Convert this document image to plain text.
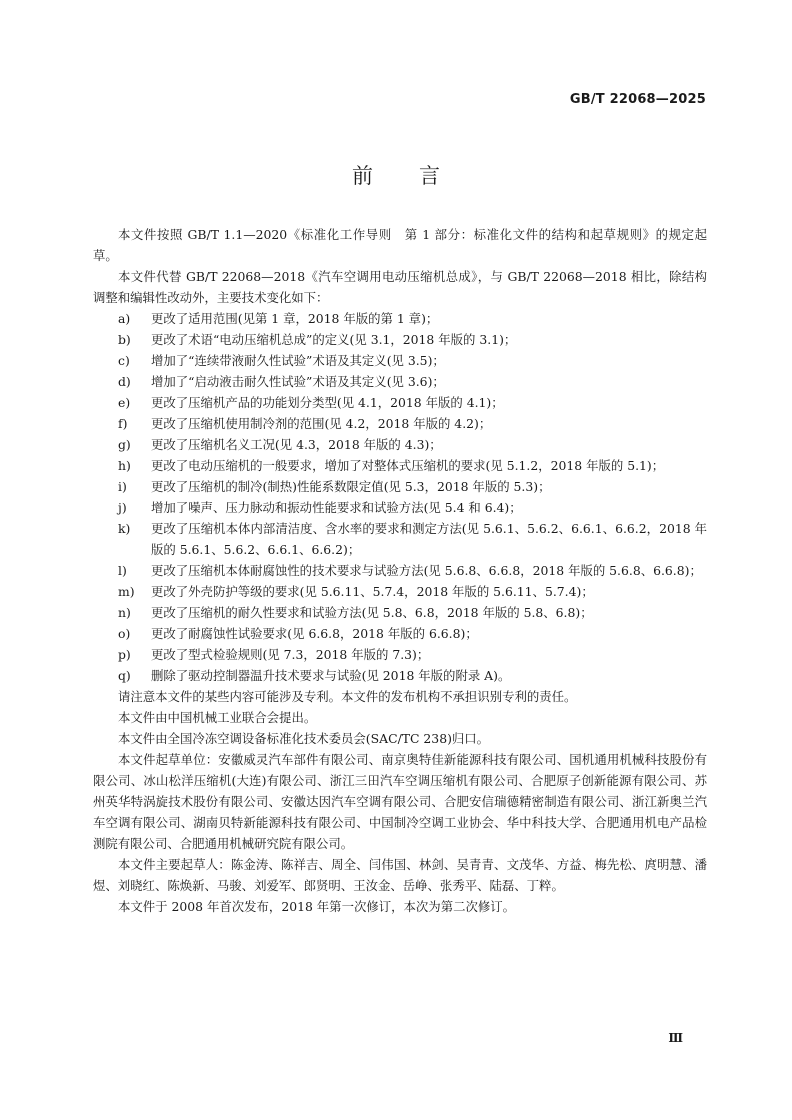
GB/T 22068—2025
前言

本文件按照 GB/T 1.1—2020《标准化工作导则　第 1 部分：标准化文件的结构和起草规则》的规定起草。

本文件代替 GB/T 22068—2018《汽车空调用电动压缩机总成》，与 GB/T 22068—2018 相比，除结构调整和编辑性改动外，主要技术变化如下：

a)	更改了适用范围(见第 1 章，2018 年版的第 1 章)；
b)	更改了术语“电动压缩机总成”的定义(见 3.1，2018 年版的 3.1)；
c)	增加了“连续带液耐久性试验”术语及其定义(见 3.5)；
d)	增加了“启动液击耐久性试验”术语及其定义(见 3.6)；
e)	更改了压缩机产品的功能划分类型(见 4.1，2018 年版的 4.1)；
f)	更改了压缩机使用制冷剂的范围(见 4.2，2018 年版的 4.2)；
g)	更改了压缩机名义工况(见 4.3，2018 年版的 4.3)；
h)	更改了电动压缩机的一般要求，增加了对整体式压缩机的要求(见 5.1.2，2018 年版的 5.1)；
i)	更改了压缩机的制冷(制热)性能系数限定值(见 5.3，2018 年版的 5.3)；
j)	增加了噪声、压力脉动和振动性能要求和试验方法(见 5.4 和 6.4)；
k)	更改了压缩机本体内部清洁度、含水率的要求和测定方法(见 5.6.1、5.6.2、6.6.1、6.6.2，2018 年版的 5.6.1、5.6.2、6.6.1、6.6.2)；
l)	更改了压缩机本体耐腐蚀性的技术要求与试验方法(见 5.6.8、6.6.8，2018 年版的 5.6.8、6.6.8)；
m)	更改了外壳防护等级的要求(见 5.6.11、5.7.4，2018 年版的 5.6.11、5.7.4)；
n)	更改了压缩机的耐久性要求和试验方法(见 5.8、6.8，2018 年版的 5.8、6.8)；
o)	更改了耐腐蚀性试验要求(见 6.6.8，2018 年版的 6.6.8)；
p)	更改了型式检验规则(见 7.3，2018 年版的 7.3)；
q)	删除了驱动控制器温升技术要求与试验(见 2018 年版的附录 A)。

请注意本文件的某些内容可能涉及专利。本文件的发布机构不承担识别专利的责任。

本文件由中国机械工业联合会提出。

本文件由全国冷冻空调设备标准化技术委员会(SAC/TC 238)归口。

本文件起草单位：安徽威灵汽车部件有限公司、南京奥特佳新能源科技有限公司、国机通用机械科技股份有限公司、冰山松洋压缩机(大连)有限公司、浙江三田汽车空调压缩机有限公司、合肥原子创新能源有限公司、苏州英华特涡旋技术股份有限公司、安徽达因汽车空调有限公司、合肥安信瑞德精密制造有限公司、浙江新奥兰汽车空调有限公司、湖南贝特新能源科技有限公司、中国制冷空调工业协会、华中科技大学、合肥通用机电产品检测院有限公司、合肥通用机械研究院有限公司。

本文件主要起草人：陈金涛、陈祥吉、周全、闫伟国、林剑、吴青青、文茂华、方益、梅先松、庹明慧、潘煜、刘晓红、陈焕新、马骏、刘爱军、郎贤明、王汝金、岳峥、张秀平、陆磊、丁粹。

本文件于 2008 年首次发布，2018 年第一次修订，本次为第二次修订。

Ⅲ
